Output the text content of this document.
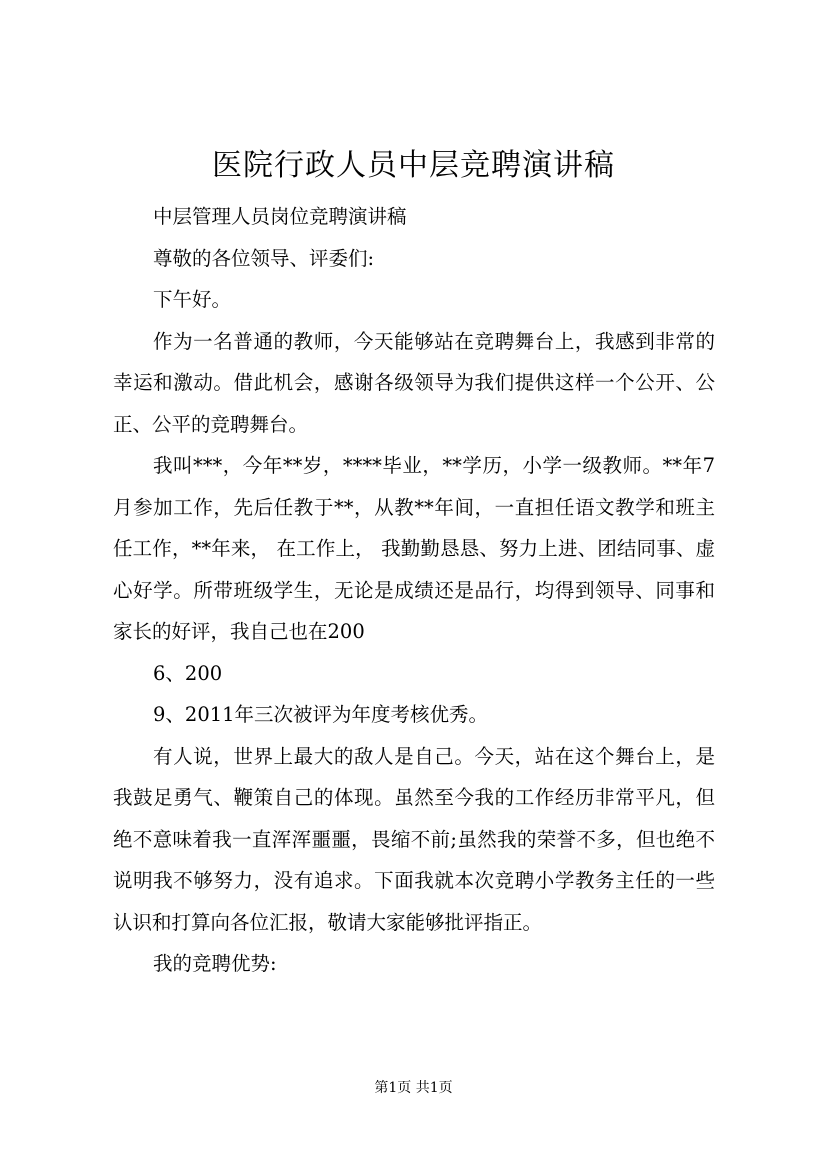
医院行政人员中层竞聘演讲稿

中层管理人员岗位竞聘演讲稿

尊敬的各位领导、评委们:

下午好。

作为一名普通的教师，今天能够站在竞聘舞台上，我感到非常的幸运和激动。借此机会，感谢各级领导为我们提供这样一个公开、公正、公平的竞聘舞台。

我叫***，今年**岁，****毕业，**学历，小学一级教师。**年7月参加工作，先后任教于**，从教**年间，一直担任语文教学和班主任工作，**年来， 在工作上， 我勤勤恳恳、努力上进、团结同事、虚心好学。所带班级学生，无论是成绩还是品行，均得到领导、同事和家长的好评，我自己也在200

6、200

9、2011年三次被评为年度考核优秀。

有人说，世界上最大的敌人是自己。今天，站在这个舞台上，是我鼓足勇气、鞭策自己的体现。虽然至今我的工作经历非常平凡，但绝不意味着我一直浑浑噩噩，畏缩不前;虽然我的荣誉不多，但也绝不说明我不够努力，没有追求。下面我就本次竞聘小学教务主任的一些认识和打算向各位汇报，敬请大家能够批评指正。

我的竞聘优势:

第1页 共1页
